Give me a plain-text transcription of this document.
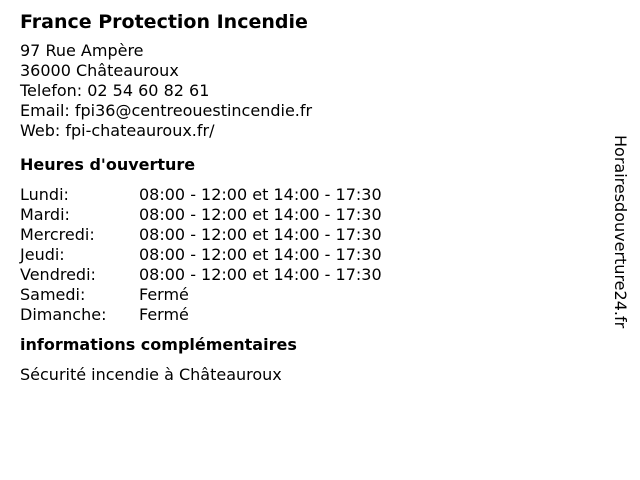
France Protection Incendie
97 Rue Ampère
36000 Châteauroux
Telefon: 02 54 60 82 61
Email: fpi36@centreouestincendie.fr
Web: fpi-chateauroux.fr/
Heures d'ouverture
Lundi:	08:00 - 12:00 et 14:00 - 17:30
Mardi:	08:00 - 12:00 et 14:00 - 17:30
Mercredi:	08:00 - 12:00 et 14:00 - 17:30
Jeudi:	08:00 - 12:00 et 14:00 - 17:30
Vendredi:	08:00 - 12:00 et 14:00 - 17:30
Samedi:	Fermé
Dimanche:	Fermé
informations complémentaires
Sécurité incendie à Châteauroux
Horairesdouverture24.fr
